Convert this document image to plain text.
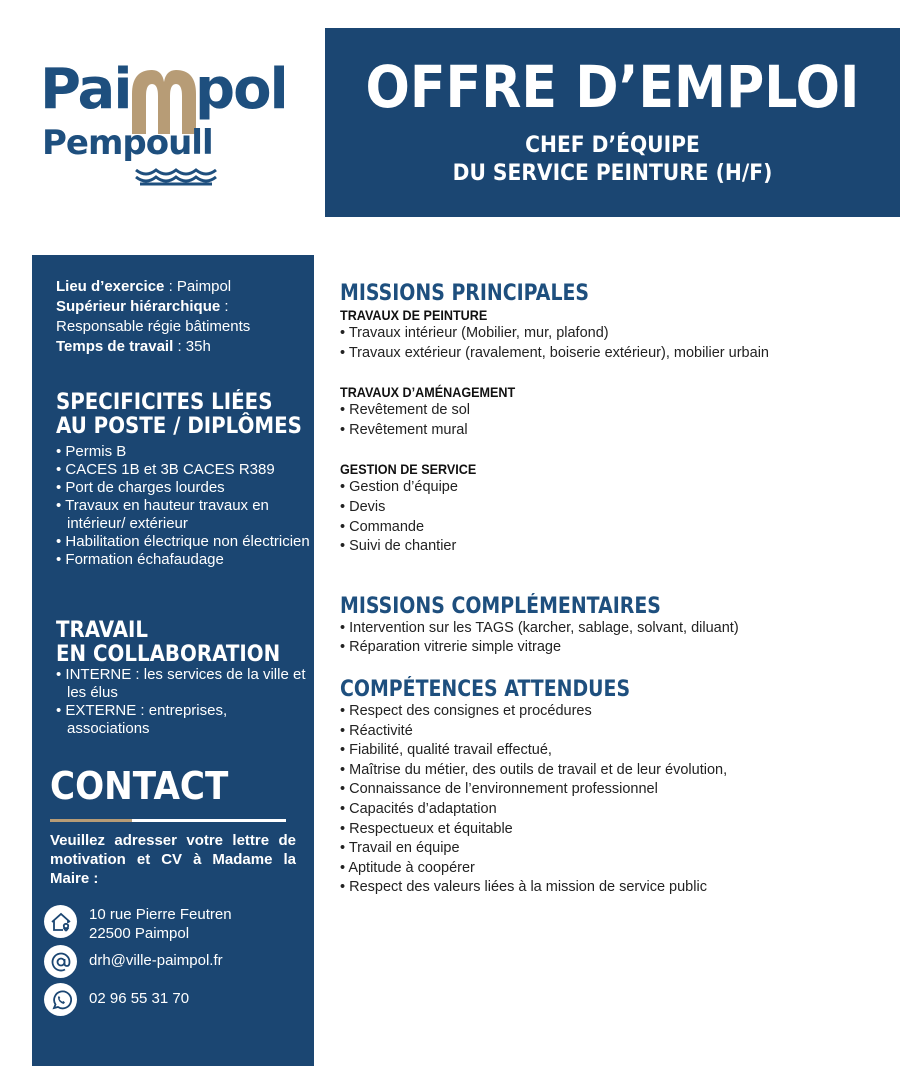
Pai pol
Pempoull
OFFRE D’EMPLOI
CHEF D’ÉQUIPE
DU SERVICE PEINTURE (H/F)
Lieu d’exercice : Paimpol
Supérieur hiérarchique :
Responsable régie bâtiments
Temps de travail : 35h
SPECIFICITES LIÉES
AU POSTE / DIPLÔMES
• Permis B
• CACES 1B et 3B CACES R389
• Port de charges lourdes
• Travaux en hauteur travaux en intérieur/ extérieur
• Habilitation électrique non électricien
• Formation échafaudage
TRAVAIL
EN COLLABORATION
• INTERNE : les services de la ville et les élus
• EXTERNE : entreprises, associations
CONTACT
Veuillez adresser votre lettre de motivation et CV à Madame la Maire :
10 rue Pierre Feutren
22500 Paimpol
drh@ville-paimpol.fr
02 96 55 31 70
MISSIONS PRINCIPALES
TRAVAUX DE PEINTURE
• Travaux intérieur (Mobilier, mur, plafond)
• Travaux extérieur (ravalement, boiserie extérieur), mobilier urbain
TRAVAUX D’AMÉNAGEMENT
• Revêtement de sol
• Revêtement mural
GESTION DE SERVICE
• Gestion d’équipe
• Devis
• Commande
• Suivi de chantier
MISSIONS COMPLÉMENTAIRES
• Intervention sur les TAGS (karcher, sablage, solvant, diluant)
• Réparation vitrerie simple vitrage
COMPÉTENCES ATTENDUES
• Respect des consignes et procédures
• Réactivité
• Fiabilité, qualité travail effectué,
• Maîtrise du métier, des outils de travail et de leur évolution,
• Connaissance de l’environnement professionnel
• Capacités d’adaptation
• Respectueux et équitable
• Travail en équipe
• Aptitude à coopérer
• Respect des valeurs liées à la mission de service public
